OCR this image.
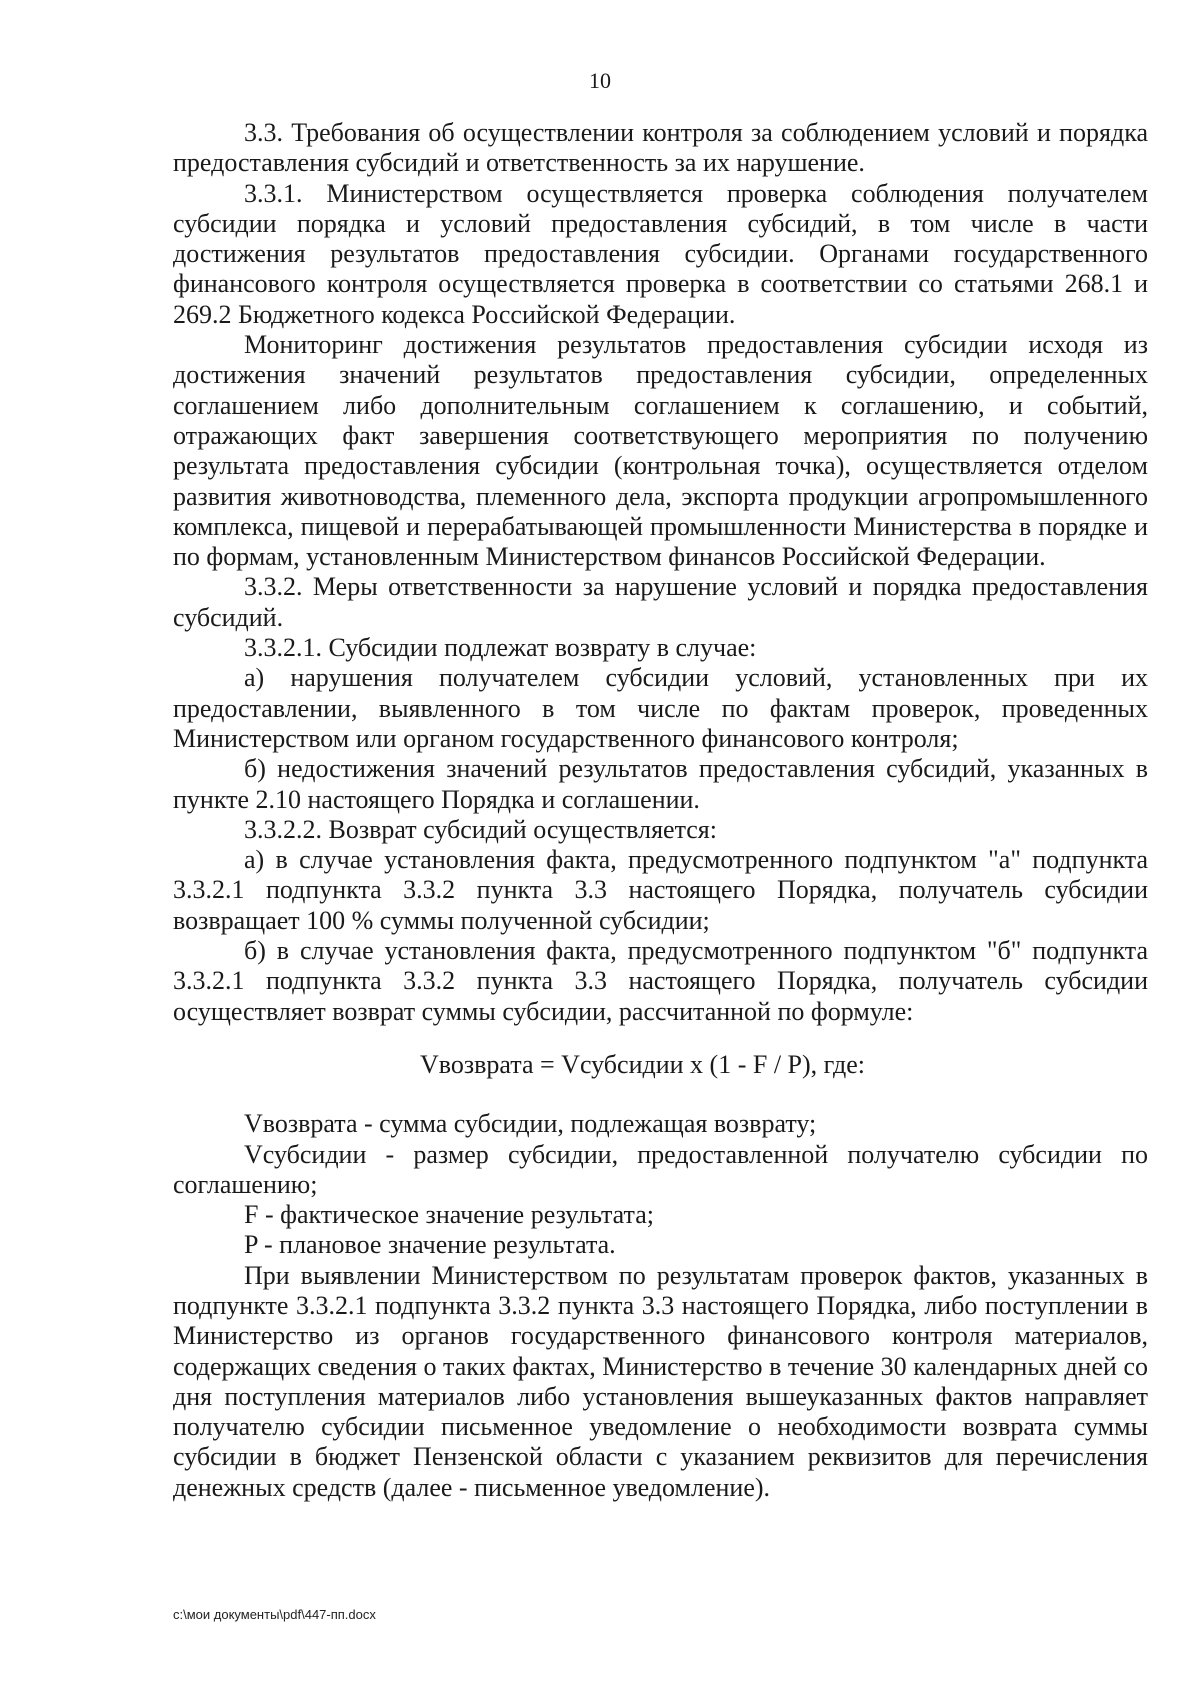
10

3.3. Требования об осуществлении контроля за соблюдением условий и порядка предоставления субсидий и ответственность за их нарушение.

3.3.1. Министерством осуществляется проверка соблюдения получателем субсидии порядка и условий предоставления субсидий, в том числе в части достижения результатов предоставления субсидии. Органами государственного финансового контроля осуществляется проверка в соответствии со статьями 268.1 и 269.2 Бюджетного кодекса Российской Федерации.

Мониторинг достижения результатов предоставления субсидии исходя из достижения значений результатов предоставления субсидии, определенных соглашением либо дополнительным соглашением к соглашению, и событий, отражающих факт завершения соответствующего мероприятия по получению результата предоставления субсидии (контрольная точка), осуществляется отделом развития животноводства, племенного дела, экспорта продукции агропромышленного комплекса, пищевой и перерабатывающей промышленности Министерства в порядке и по формам, установленным Министерством финансов Российской Федерации.

3.3.2. Меры ответственности за нарушение условий и порядка предоставления субсидий.

3.3.2.1. Субсидии подлежат возврату в случае:

а) нарушения получателем субсидии условий, установленных при их предоставлении, выявленного в том числе по фактам проверок, проведенных Министерством или органом государственного финансового контроля;

б) недостижения значений результатов предоставления субсидий, указанных в пункте 2.10 настоящего Порядка и соглашении.

3.3.2.2. Возврат субсидий осуществляется:

а) в случае установления факта, предусмотренного подпунктом "а" подпункта 3.3.2.1 подпункта 3.3.2 пункта 3.3 настоящего Порядка, получатель субсидии возвращает 100 % суммы полученной субсидии;

б) в случае установления факта, предусмотренного подпунктом "б" подпункта 3.3.2.1 подпункта 3.3.2 пункта 3.3 настоящего Порядка, получатель субсидии осуществляет возврат суммы субсидии, рассчитанной по формуле:

Vвозврата = Vсубсидии x (1 - F / P), где:

Vвозврата - сумма субсидии, подлежащая возврату;

Vсубсидии - размер субсидии, предоставленной получателю субсидии по соглашению;

F - фактическое значение результата;

P - плановое значение результата.

При выявлении Министерством по результатам проверок фактов, указанных в подпункте 3.3.2.1 подпункта 3.3.2 пункта 3.3 настоящего Порядка, либо поступлении в Министерство из органов государственного финансового контроля материалов, содержащих сведения о таких фактах, Министерство в течение 30 календарных дней со дня поступления материалов либо установления вышеуказанных фактов направляет получателю субсидии письменное уведомление о необходимости возврата суммы субсидии в бюджет Пензенской области с указанием реквизитов для перечисления денежных средств (далее - письменное уведомление).

c:\мои документы\pdf\447-пп.docx
